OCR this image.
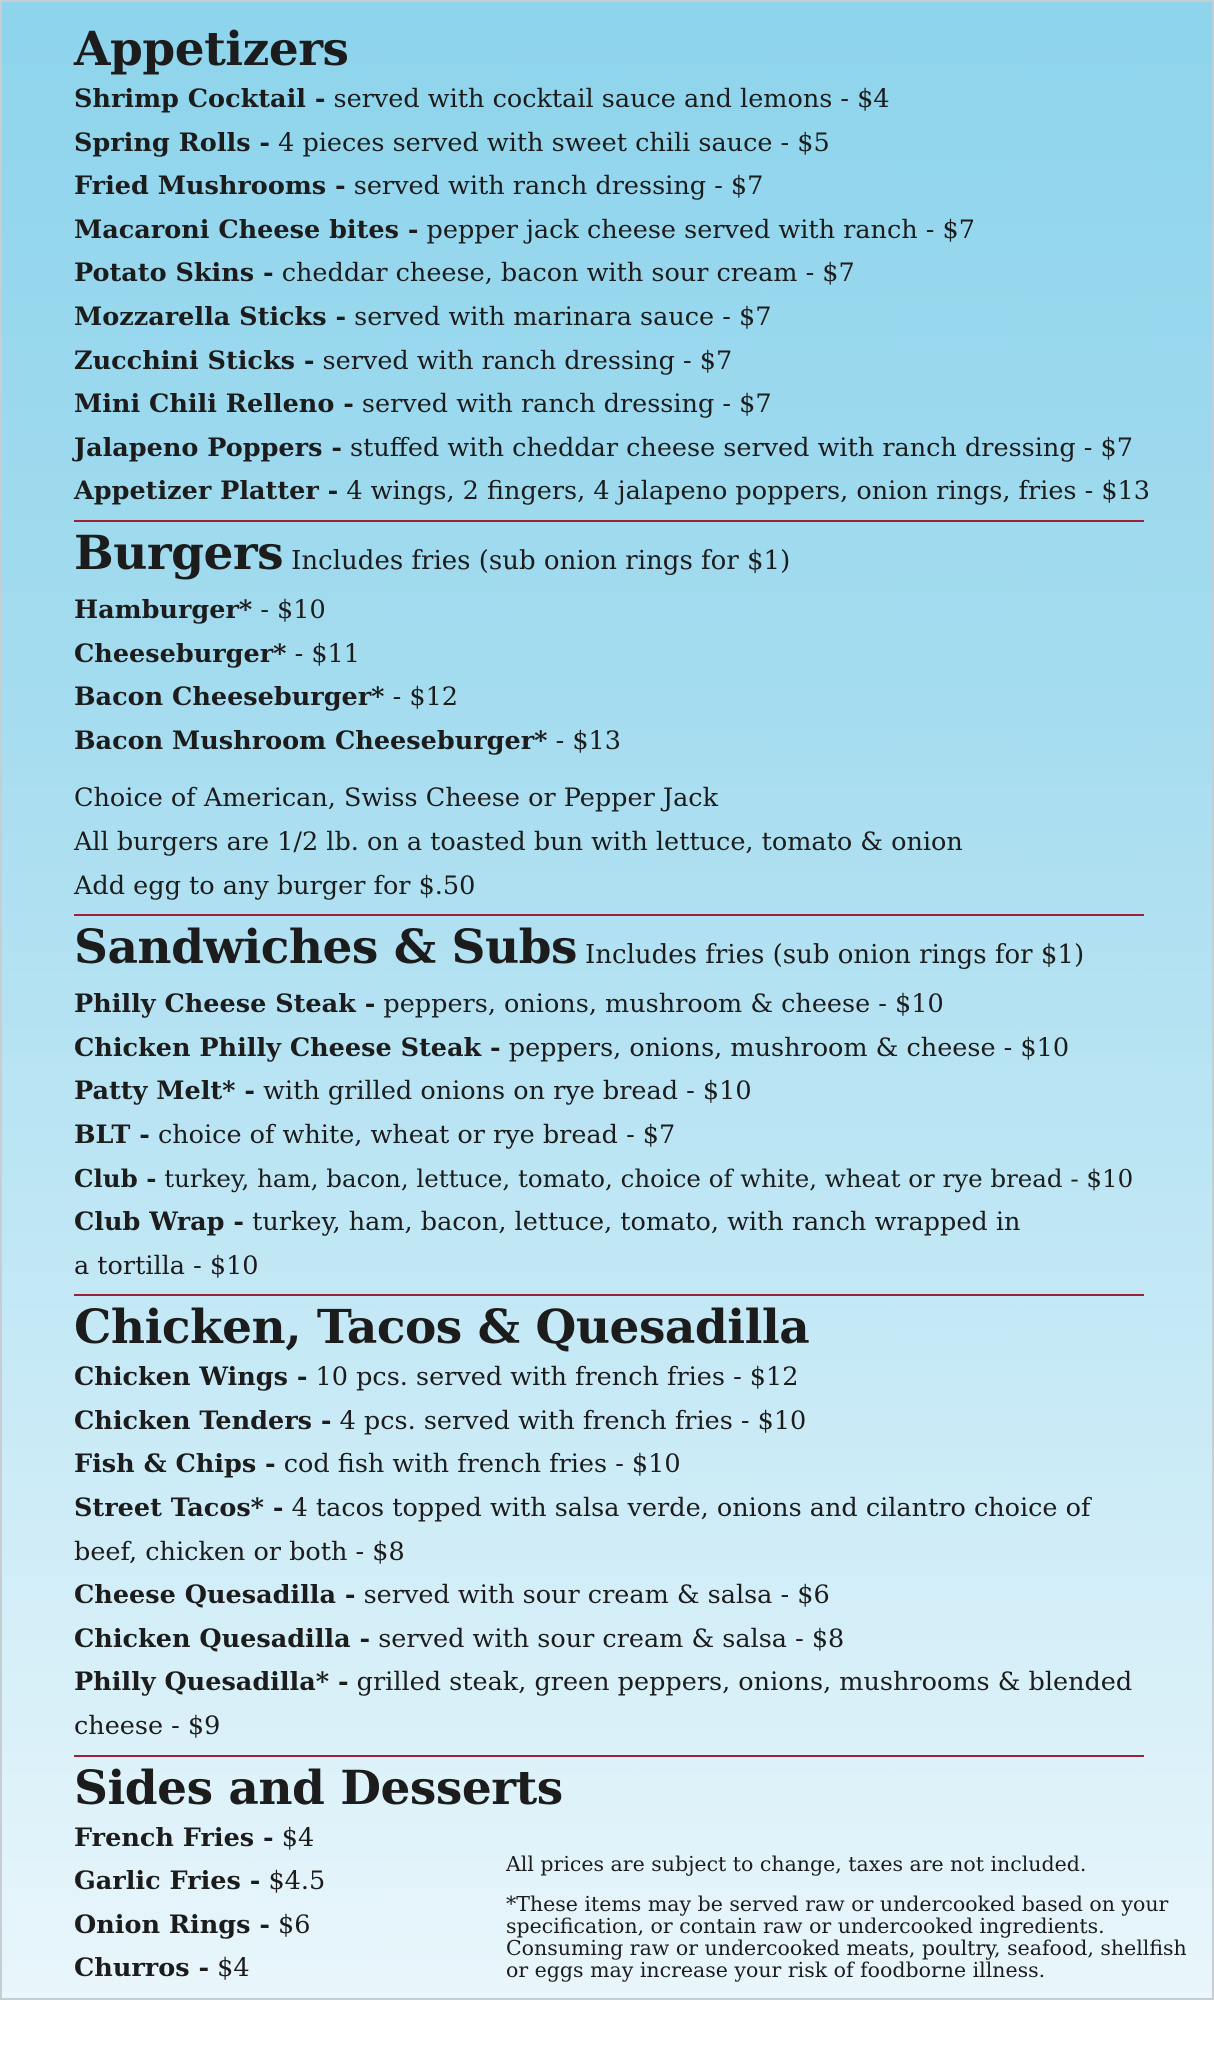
Appetizers
Shrimp Cocktail - served with cocktail sauce and lemons - $4
Spring Rolls - 4 pieces served with sweet chili sauce - $5
Fried Mushrooms - served with ranch dressing - $7
Macaroni Cheese bites - pepper jack cheese served with ranch - $7
Potato Skins - cheddar cheese, bacon with sour cream - $7
Mozzarella Sticks - served with marinara sauce - $7
Zucchini Sticks - served with ranch dressing - $7
Mini Chili Relleno - served with ranch dressing - $7
Jalapeno Poppers - stuffed with cheddar cheese served with ranch dressing - $7
Appetizer Platter - 4 wings, 2 fingers, 4 jalapeno poppers, onion rings, fries - $13
Burgers Includes fries (sub onion rings for $1)
Hamburger* - $10
Cheeseburger* - $11
Bacon Cheeseburger* - $12
Bacon Mushroom Cheeseburger* - $13
Choice of American, Swiss Cheese or Pepper Jack
All burgers are 1/2 lb. on a toasted bun with lettuce, tomato & onion
Add egg to any burger for $.50
Sandwiches & Subs Includes fries (sub onion rings for $1)
Philly Cheese Steak - peppers, onions, mushroom & cheese - $10
Chicken Philly Cheese Steak - peppers, onions, mushroom & cheese - $10
Patty Melt* - with grilled onions on rye bread - $10
BLT - choice of white, wheat or rye bread - $7
Club - turkey, ham, bacon, lettuce, tomato, choice of white, wheat or rye bread - $10
Club Wrap - turkey, ham, bacon, lettuce, tomato, with ranch wrapped in a tortilla - $10
Chicken, Tacos & Quesadilla
Chicken Wings - 10 pcs. served with french fries - $12
Chicken Tenders - 4 pcs. served with french fries - $10
Fish & Chips - cod fish with french fries - $10
Street Tacos* - 4 tacos topped with salsa verde, onions and cilantro choice of beef, chicken or both - $8
Cheese Quesadilla - served with sour cream & salsa - $6
Chicken Quesadilla - served with sour cream & salsa - $8
Philly Quesadilla* - grilled steak, green peppers, onions, mushrooms & blended cheese - $9
Sides and Desserts
French Fries - $4
Garlic Fries - $4.5
Onion Rings - $6
Churros - $4

All prices are subject to change, taxes are not included.

*These items may be served raw or undercooked based on your specification, or contain raw or undercooked ingredients. Consuming raw or undercooked meats, poultry, seafood, shellfish or eggs may increase your risk of foodborne illness.
